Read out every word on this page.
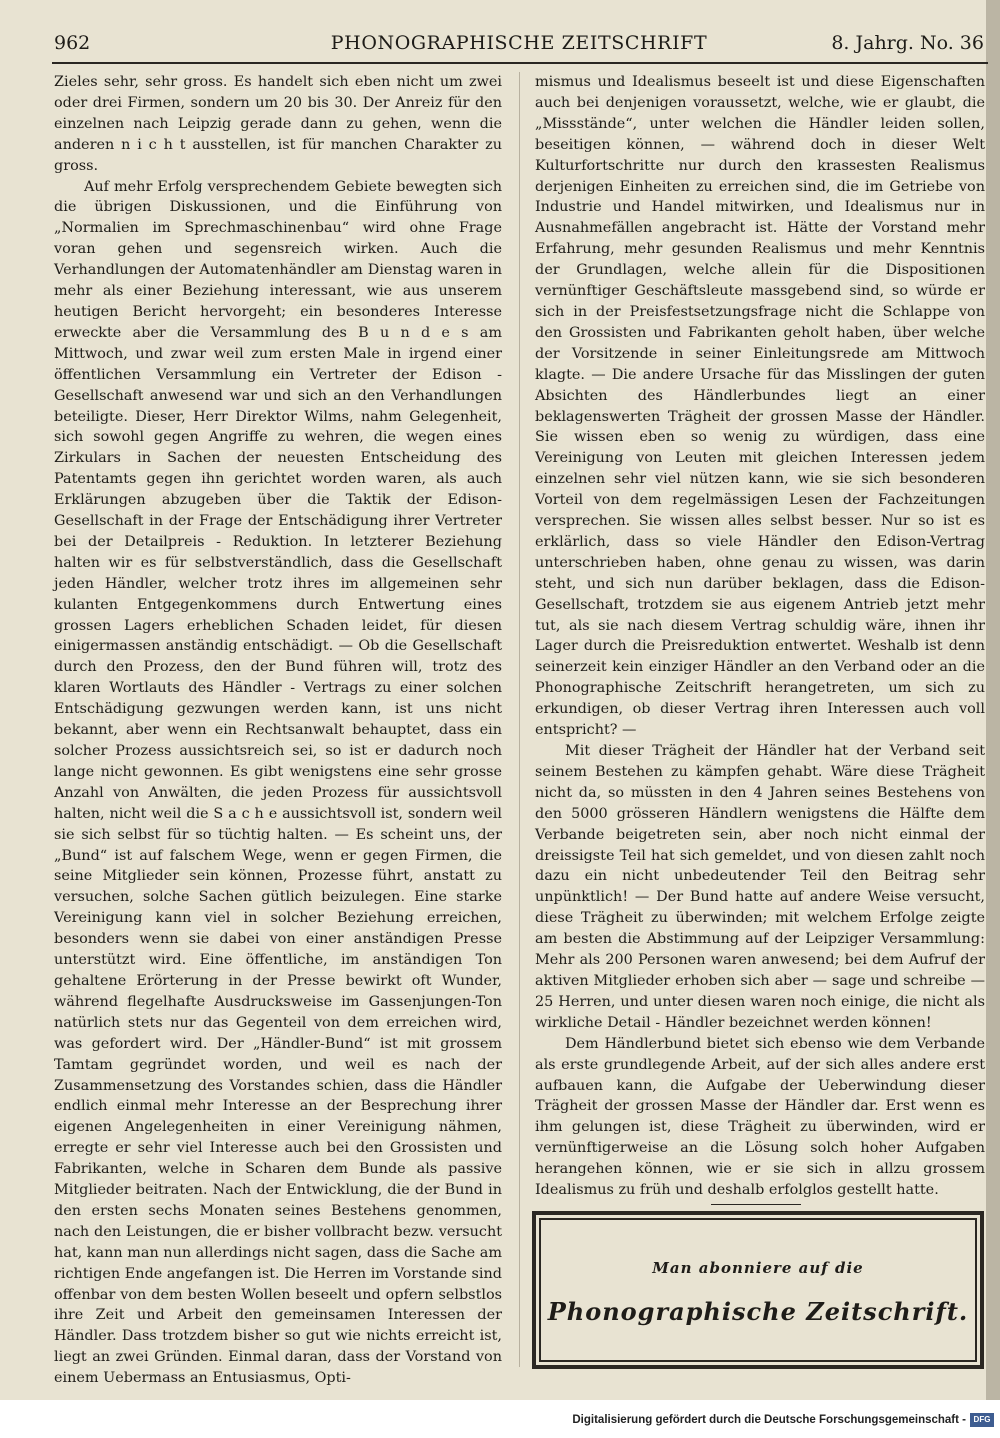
962	PHONOGRAPHISCHE ZEITSCHRIFT	8. Jahrg. No. 36

Zieles sehr, sehr gross. Es handelt sich eben nicht um zwei oder drei Firmen, sondern um 20 bis 30. Der Anreiz für den einzelnen nach Leipzig gerade dann zu gehen, wenn die anderen n i c h t ausstellen, ist für manchen Charakter zu gross.

Auf mehr Erfolg versprechendem Gebiete bewegten sich die übrigen Diskussionen, und die Einführung von „Normalien im Sprechmaschinenbau“ wird ohne Frage voran gehen und segensreich wirken. Auch die Verhandlungen der Automatenhändler am Dienstag waren in mehr als einer Beziehung interessant, wie aus unserem heutigen Bericht hervorgeht; ein besonderes Interesse erweckte aber die Versammlung des B u n d e s am Mittwoch, und zwar weil zum ersten Male in irgend einer öffentlichen Versammlung ein Vertreter der Edison - Gesellschaft anwesend war und sich an den Verhandlungen beteiligte. Dieser, Herr Direktor Wilms, nahm Gelegenheit, sich sowohl gegen Angriffe zu wehren, die wegen eines Zirkulars in Sachen der neuesten Entscheidung des Patentamts gegen ihn gerichtet worden waren, als auch Erklärungen abzugeben über die Taktik der Edison-Gesellschaft in der Frage der Entschädigung ihrer Vertreter bei der Detailpreis - Reduktion. In letzterer Beziehung halten wir es für selbstverständlich, dass die Gesellschaft jeden Händler, welcher trotz ihres im allgemeinen sehr kulanten Entgegenkommens durch Entwertung eines grossen Lagers erheblichen Schaden leidet, für diesen einigermassen anständig entschädigt. — Ob die Gesellschaft durch den Prozess, den der Bund führen will, trotz des klaren Wortlauts des Händler - Vertrags zu einer solchen Entschädigung gezwungen werden kann, ist uns nicht bekannt, aber wenn ein Rechtsanwalt behauptet, dass ein solcher Prozess aussichtsreich sei, so ist er dadurch noch lange nicht gewonnen. Es gibt wenigstens eine sehr grosse Anzahl von Anwälten, die jeden Prozess für aussichtsvoll halten, nicht weil die S a c h e aussichtsvoll ist, sondern weil sie sich selbst für so tüchtig halten. — Es scheint uns, der „Bund“ ist auf falschem Wege, wenn er gegen Firmen, die seine Mitglieder sein können, Prozesse führt, anstatt zu versuchen, solche Sachen gütlich beizulegen. Eine starke Vereinigung kann viel in solcher Beziehung erreichen, besonders wenn sie dabei von einer anständigen Presse unterstützt wird. Eine öffentliche, im anständigen Ton gehaltene Erörterung in der Presse bewirkt oft Wunder, während flegelhafte Ausdrucksweise im Gassenjungen-Ton natürlich stets nur das Gegenteil von dem erreichen wird, was gefordert wird. Der „Händler-Bund“ ist mit grossem Tamtam gegründet worden, und weil es nach der Zusammensetzung des Vorstandes schien, dass die Händler endlich einmal mehr Interesse an der Besprechung ihrer eigenen Angelegenheiten in einer Vereinigung nähmen, erregte er sehr viel Interesse auch bei den Grossisten und Fabrikanten, welche in Scharen dem Bunde als passive Mitglieder beitraten. Nach der Entwicklung, die der Bund in den ersten sechs Monaten seines Bestehens genommen, nach den Leistungen, die er bisher vollbracht bezw. versucht hat, kann man nun allerdings nicht sagen, dass die Sache am richtigen Ende angefangen ist. Die Herren im Vorstande sind offenbar von dem besten Wollen beseelt und opfern selbstlos ihre Zeit und Arbeit den gemeinsamen Interessen der Händler. Dass trotzdem bisher so gut wie nichts erreicht ist, liegt an zwei Gründen. Einmal daran, dass der Vorstand von einem Uebermass an Entusiasmus, Opti-

mismus und Idealismus beseelt ist und diese Eigenschaften auch bei denjenigen voraussetzt, welche, wie er glaubt, die „Missstände“, unter welchen die Händler leiden sollen, beseitigen können, — während doch in dieser Welt Kulturfortschritte nur durch den krassesten Realismus derjenigen Einheiten zu erreichen sind, die im Getriebe von Industrie und Handel mitwirken, und Idealismus nur in Ausnahmefällen angebracht ist. Hätte der Vorstand mehr Erfahrung, mehr gesunden Realismus und mehr Kenntnis der Grundlagen, welche allein für die Dispositionen vernünftiger Geschäftsleute massgebend sind, so würde er sich in der Preisfestsetzungsfrage nicht die Schlappe von den Grossisten und Fabrikanten geholt haben, über welche der Vorsitzende in seiner Einleitungsrede am Mittwoch klagte. — Die andere Ursache für das Misslingen der guten Absichten des Händlerbundes liegt an einer beklagenswerten Trägheit der grossen Masse der Händler. Sie wissen eben so wenig zu würdigen, dass eine Vereinigung von Leuten mit gleichen Interessen jedem einzelnen sehr viel nützen kann, wie sie sich besonderen Vorteil von dem regelmässigen Lesen der Fachzeitungen versprechen. Sie wissen alles selbst besser. Nur so ist es erklärlich, dass so viele Händler den Edison-Vertrag unterschrieben haben, ohne genau zu wissen, was darin steht, und sich nun darüber beklagen, dass die Edison-Gesellschaft, trotzdem sie aus eigenem Antrieb jetzt mehr tut, als sie nach diesem Vertrag schuldig wäre, ihnen ihr Lager durch die Preisreduktion entwertet. Weshalb ist denn seinerzeit kein einziger Händler an den Verband oder an die Phonographische Zeitschrift herangetreten, um sich zu erkundigen, ob dieser Vertrag ihren Interessen auch voll entspricht? —

Mit dieser Trägheit der Händler hat der Verband seit seinem Bestehen zu kämpfen gehabt. Wäre diese Trägheit nicht da, so müssten in den 4 Jahren seines Bestehens von den 5000 grösseren Händlern wenigstens die Hälfte dem Verbande beigetreten sein, aber noch nicht einmal der dreissigste Teil hat sich gemeldet, und von diesen zahlt noch dazu ein nicht unbedeutender Teil den Beitrag sehr unpünktlich! — Der Bund hatte auf andere Weise versucht, diese Trägheit zu überwinden; mit welchem Erfolge zeigte am besten die Abstimmung auf der Leipziger Versammlung: Mehr als 200 Personen waren anwesend; bei dem Aufruf der aktiven Mitglieder erhoben sich aber — sage und schreibe — 25 Herren, und unter diesen waren noch einige, die nicht als wirkliche Detail - Händler bezeichnet werden können!

Dem Händlerbund bietet sich ebenso wie dem Verbande als erste grundlegende Arbeit, auf der sich alles andere erst aufbauen kann, die Aufgabe der Ueberwindung dieser Trägheit der grossen Masse der Händler dar. Erst wenn es ihm gelungen ist, diese Trägheit zu überwinden, wird er vernünftigerweise an die Lösung solch hoher Aufgaben herangehen können, wie er sie sich in allzu grossem Idealismus zu früh und deshalb erfolglos gestellt hatte.

Man abonniere auf die
Phonographische Zeitschrift.
Digitalisierung gefördert durch die Deutsche Forschungsgemeinschaft - DFG
